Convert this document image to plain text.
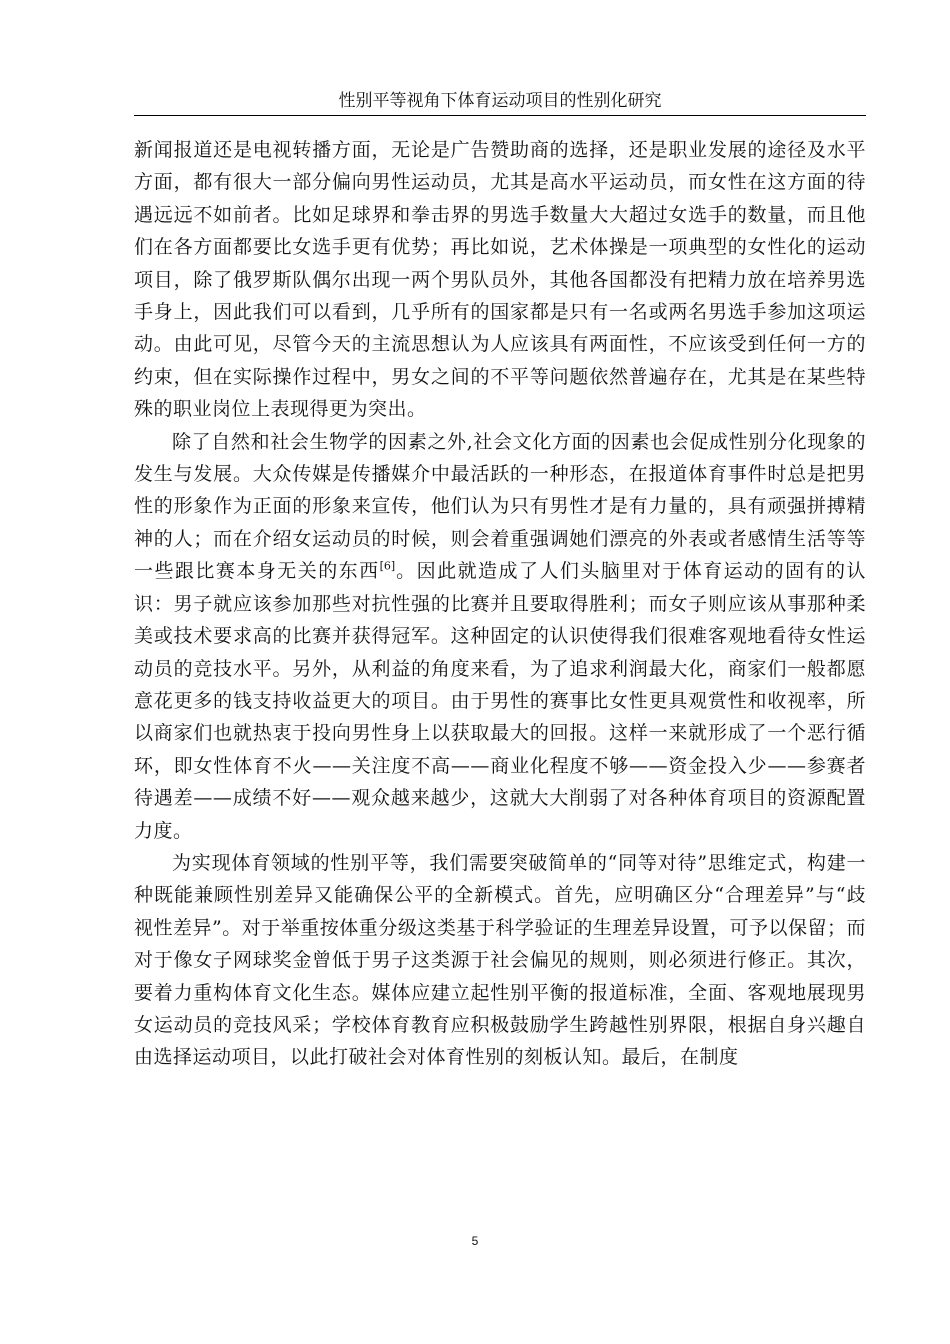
性别平等视角下体育运动项目的性别化研究

新闻报道还是电视转播方面，无论是广告赞助商的选择，还是职业发展的途径及水平方面，都有很大一部分偏向男性运动员，尤其是高水平运动员，而女性在这方面的待遇远远不如前者。比如足球界和拳击界的男选手数量大大超过女选手的数量，而且他们在各方面都要比女选手更有优势；再比如说，艺术体操是一项典型的女性化的运动项目，除了俄罗斯队偶尔出现一两个男队员外，其他各国都没有把精力放在培养男选手身上，因此我们可以看到，几乎所有的国家都是只有一名或两名男选手参加这项运动。由此可见，尽管今天的主流思想认为人应该具有两面性，不应该受到任何一方的约束，但在实际操作过程中，男女之间的不平等问题依然普遍存在，尤其是在某些特殊的职业岗位上表现得更为突出。

除了自然和社会生物学的因素之外,社会文化方面的因素也会促成性别分化现象的发生与发展。大众传媒是传播媒介中最活跃的一种形态，在报道体育事件时总是把男性的形象作为正面的形象来宣传，他们认为只有男性才是有力量的，具有顽强拼搏精神的人；而在介绍女运动员的时候，则会着重强调她们漂亮的外表或者感情生活等等一些跟比赛本身无关的东西[6]。因此就造成了人们头脑里对于体育运动的固有的认识：男子就应该参加那些对抗性强的比赛并且要取得胜利；而女子则应该从事那种柔美或技术要求高的比赛并获得冠军。这种固定的认识使得我们很难客观地看待女性运动员的竞技水平。另外，从利益的角度来看，为了追求利润最大化，商家们一般都愿意花更多的钱支持收益更大的项目。由于男性的赛事比女性更具观赏性和收视率，所以商家们也就热衷于投向男性身上以获取最大的回报。这样一来就形成了一个恶行循环，即女性体育不火——关注度不高——商业化程度不够——资金投入少——参赛者待遇差——成绩不好——观众越来越少，这就大大削弱了对各种体育项目的资源配置力度。

为实现体育领域的性别平等，我们需要突破简单的“同等对待”思维定式，构建一种既能兼顾性别差异又能确保公平的全新模式。首先，应明确区分“合理差异”与“歧视性差异”。对于举重按体重分级这类基于科学验证的生理差异设置，可予以保留；而对于像女子网球奖金曾低于男子这类源于社会偏见的规则，则必须进行修正。其次，要着力重构体育文化生态。媒体应建立起性别平衡的报道标准，全面、客观地展现男女运动员的竞技风采；学校体育教育应积极鼓励学生跨越性别界限，根据自身兴趣自由选择运动项目，以此打破社会对体育性别的刻板认知。最后，在制度

5
